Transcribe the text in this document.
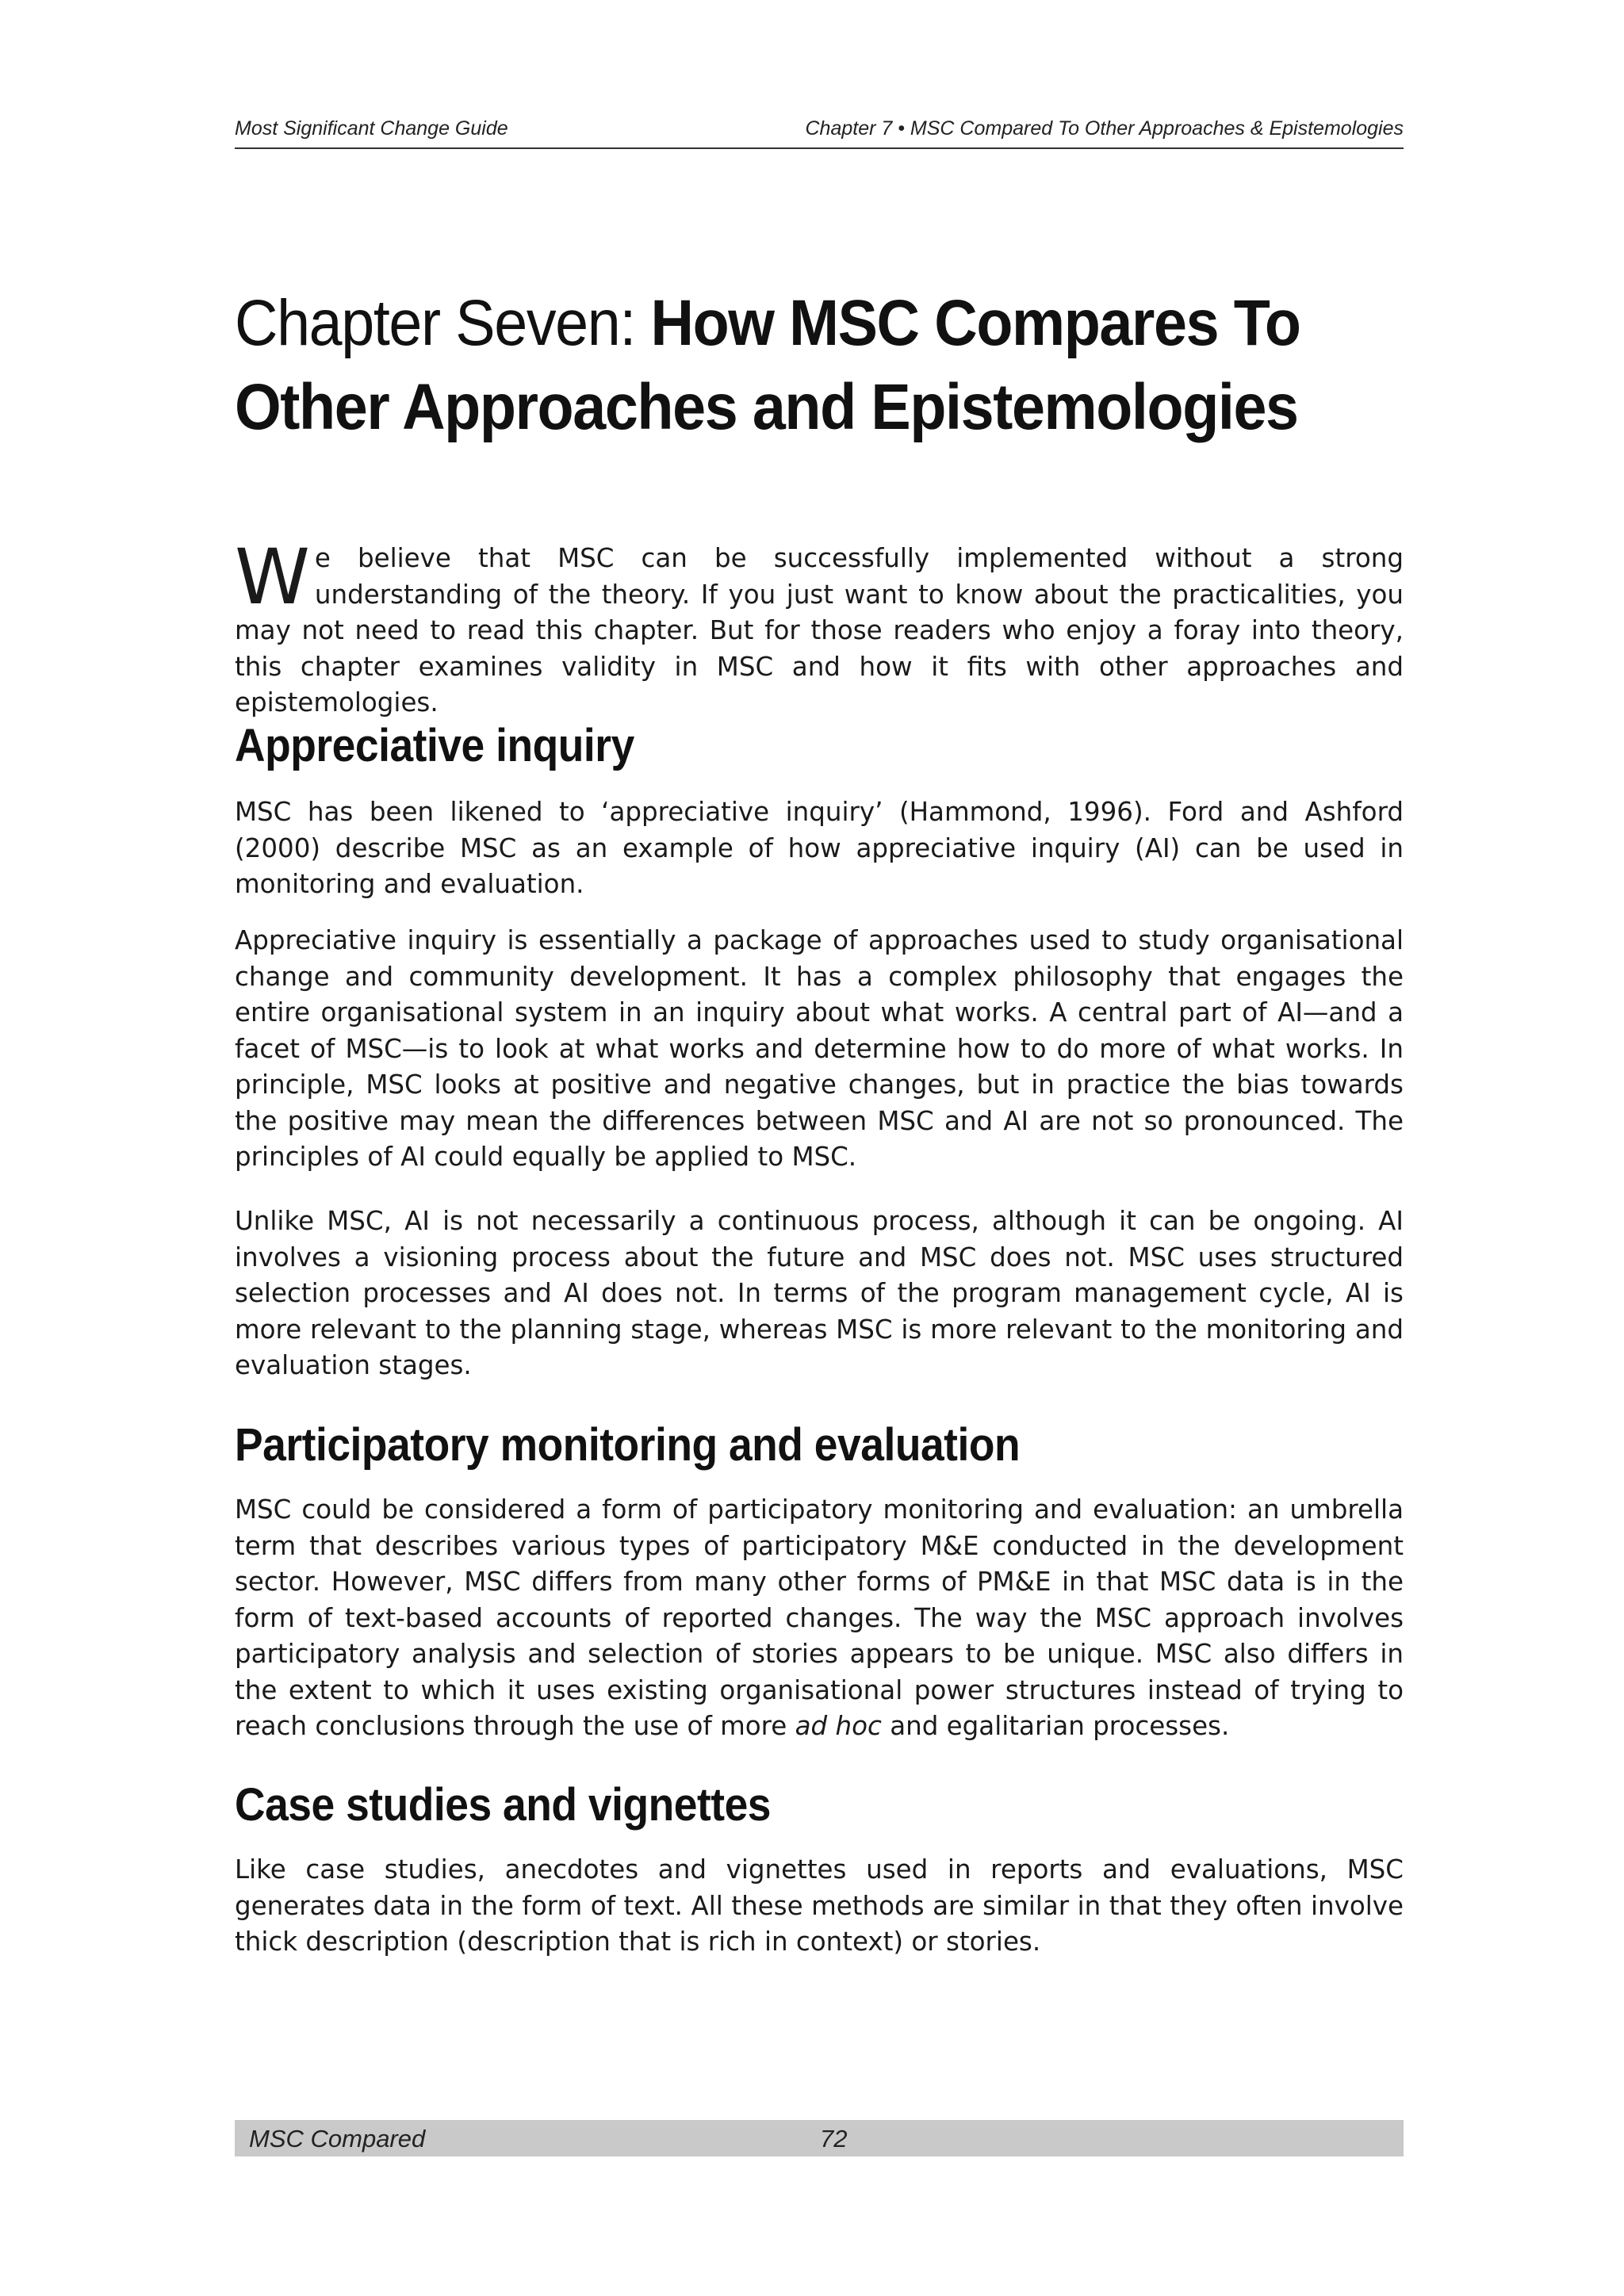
Most Significant Change Guide	Chapter 7 • MSC Compared To Other Approaches & Epistemologies
Chapter Seven: How MSC Compares To
Other Approaches and Epistemologies

We believe that MSC can be successfully implemented without a strong understanding of the theory. If you just want to know about the practicalities, you may not need to read this chapter. But for those readers who enjoy a foray into theory, this chapter examines validity in MSC and how it fits with other approaches and epistemologies.

Appreciative inquiry

MSC has been likened to ‘appreciative inquiry’ (Hammond, 1996). Ford and Ashford (2000) describe MSC as an example of how appreciative inquiry (AI) can be used in monitoring and evaluation.

Appreciative inquiry is essentially a package of approaches used to study organisational change and community development. It has a complex philosophy that engages the entire organisational system in an inquiry about what works. A central part of AI—and a facet of MSC—is to look at what works and determine how to do more of what works. In principle, MSC looks at positive and negative changes, but in practice the bias towards the positive may mean the differences between MSC and AI are not so pronounced. The principles of AI could equally be applied to MSC.

Unlike MSC, AI is not necessarily a continuous process, although it can be ongoing. AI involves a visioning process about the future and MSC does not. MSC uses structured selection processes and AI does not. In terms of the program management cycle, AI is more relevant to the planning stage, whereas MSC is more relevant to the monitoring and evaluation stages.

Participatory monitoring and evaluation

MSC could be considered a form of participatory monitoring and evaluation: an umbrella term that describes various types of participatory M&E conducted in the development sector. However, MSC differs from many other forms of PM&E in that MSC data is in the form of text-based accounts of reported changes. The way the MSC approach involves participatory analysis and selection of stories appears to be unique. MSC also differs in the extent to which it uses existing organisational power structures instead of trying to reach conclusions through the use of more ad hoc and egalitarian processes.

Case studies and vignettes

Like case studies, anecdotes and vignettes used in reports and evaluations, MSC generates data in the form of text. All these methods are similar in that they often involve thick description (description that is rich in context) or stories.

MSC Compared	72
